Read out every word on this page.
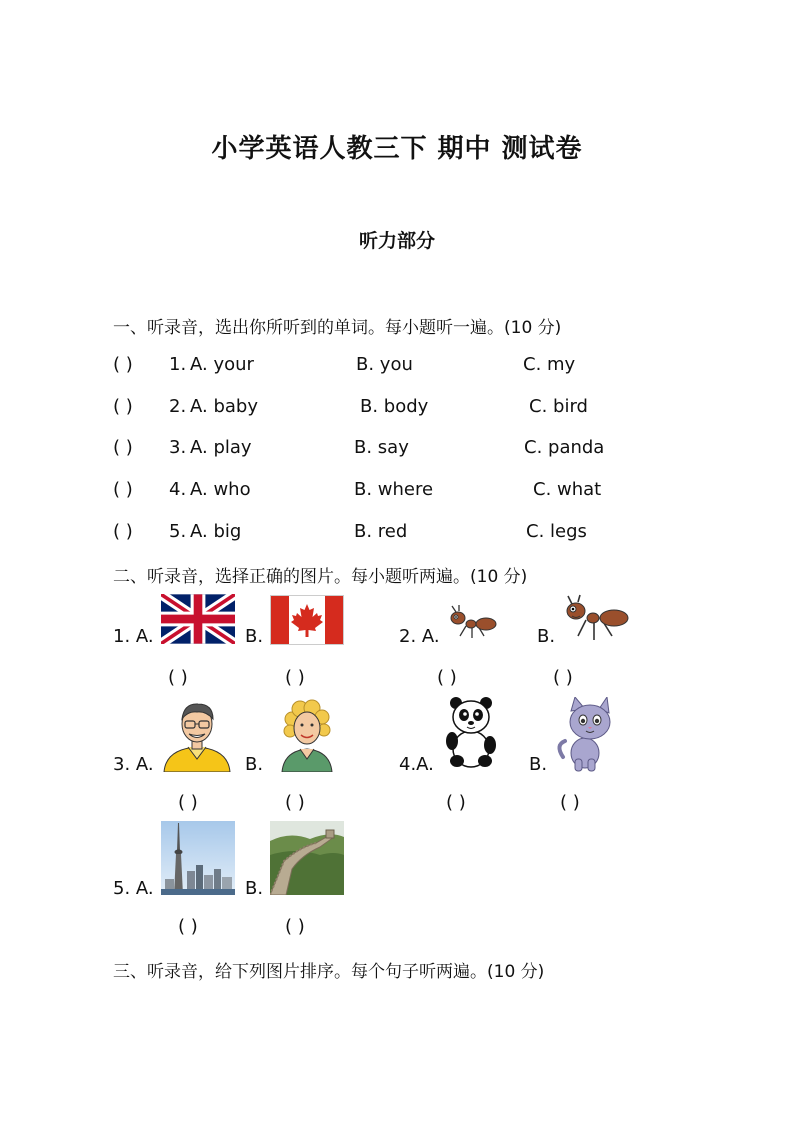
小学英语人教三下 期中 测试卷
听力部分
一、听录音，选出你所听到的单词。每小题听一遍。(10 分)
( ) 1. A. your	B. you	C. my
( ) 2. A. baby	B. body	C. bird
( ) 3. A. play	B. say	C. panda
( ) 4. A. who	B. where	C. what
( ) 5. A. big	B. red	C. legs
二、听录音，选择正确的图片。每小题听两遍。(10 分)
1. A.	B.
( )	( )
2. A.	B.
( )	( )
3. A.	B.
( )	( )
4.A.	B.
( )	( )
5. A.	B.
( )	( )
三、听录音，给下列图片排序。每个句子听两遍。(10 分)
